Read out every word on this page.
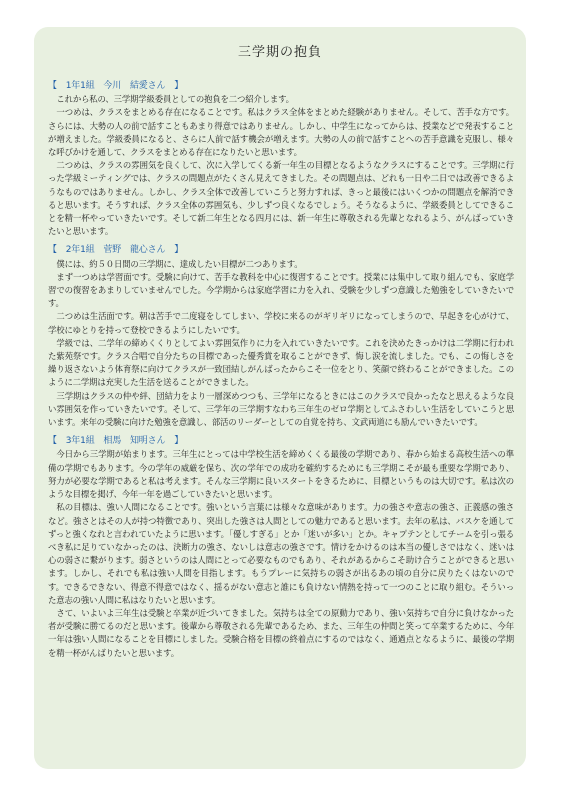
三学期の抱負
【　1年1組　今川　結愛さん　】

これから私の、三学期学級委員としての抱負を二つ紹介します。

一つめは、クラスをまとめる存在になることです。私はクラス全体をまとめた経験がありません。そして、苦手な方です。さらには、大勢の人の前で話すこともあまり得意ではありません。しかし、中学生になってからは、授業などで発表することが増えました。学級委員になると、さらに人前で話す機会が増えます。大勢の人の前で話すことへの苦手意識を克服し、様々な呼びかけを通して、クラスをまとめる存在になりたいと思います。

二つめは、クラスの雰囲気を良くして、次に入学してくる新一年生の目標となるようなクラスにすることです。三学期に行った学級ミーティングでは、クラスの問題点がたくさん見えてきました。その問題点は、どれも一日や二日では改善できるようなものではありません。しかし、クラス全体で改善していこうと努力すれば、きっと最後にはいくつかの問題点を解消できると思います。そうすれば、クラス全体の雰囲気も、少しずつ良くなるでしょう。そうなるように、学級委員としてできることを精一杯やっていきたいです。そして新二年生となる四月には、新一年生に尊敬される先輩となれるよう、がんばっていきたいと思います。

【　2年1組　菅野　龍心さん　】

僕には、約５０日間の三学期に、達成したい目標が二つあります。

まず一つめは学習面です。受験に向けて、苦手な教科を中心に復習することです。授業には集中して取り組んでも、家庭学習での復習をあまりしていませんでした。今学期からは家庭学習に力を入れ、受験を少しずつ意識した勉強をしていきたいです。

二つめは生活面です。朝は苦手で二度寝をしてしまい、学校に来るのがギリギリになってしまうので、早起きを心がけて、学校にゆとりを持って登校できるようにしたいです。

学級では、二学年の締めくくりとしてよい雰囲気作りに力を入れていきたいです。これを決めたきっかけは二学期に行われた紫苑祭です。クラス合唱で自分たちの目標であった優秀賞を取ることができず、悔し涙を流しました。でも、この悔しさを繰り返さないよう体育祭に向けてクラスが一致団結しがんばったからこそ一位をとり、笑顔で終わることができました。このように二学期は充実した生活を送ることができました。

三学期はクラスの仲や絆、団結力をより一層深めつつも、三学年になるときにはこのクラスで良かったなと思えるような良い雰囲気を作っていきたいです。そして、三学年の三学期すなわち三年生のゼロ学期としてふさわしい生活をしていこうと思います。来年の受験に向けた勉強を意識し、部活のリーダーとしての自覚を持ち、文武両道にも励んでいきたいです。

【　3年1組　相馬　知明さん　】

今日から三学期が始まります。三年生にとっては中学校生活を締めくくる最後の学期であり、春から始まる高校生活への準備の学期でもあります。今の学年の威厳を保ち、次の学年での成功を確約するためにも三学期こそが最も重要な学期であり、努力が必要な学期であると私は考えます。そんな三学期に良いスタートをきるために、目標というものは大切です。私は次のような目標を掲げ、今年一年を過ごしていきたいと思います。

私の目標は、強い人間になることです。強いという言葉には様々な意味があります。力の強さや意志の強さ、正義感の強さなど。強さとはその人が持つ特徴であり、突出した強さは人間としての魅力であると思います。去年の私は、バスケを通してずっと強くなれと言われていたように思います。「優しすぎる」とか「迷いが多い」とか。キャプテンとしてチームを引っ張るべき私に足りていなかったのは、決断力の強さ、ないしは意志の強さです。情けをかけるのは本当の優しさではなく、迷いは心の弱さに繋がります。弱さというのは人間にとって必要なものでもあり、それがあるからこそ助け合うことができると思います。しかし、それでも私は強い人間を目指します。もうプレーに気持ちの弱さが出るあの頃の自分に戻りたくはないのです。できるできない、得意不得意ではなく、揺るがない意志と誰にも負けない情熱を持って一つのことに取り組む。そういった意志の強い人間に私はなりたいと思います。

さて、いよいよ三年生は受験と卒業が近づいてきました。気持ちは全ての原動力であり、強い気持ちで自分に負けなかった者が受験に勝てるのだと思います。後輩から尊敬される先輩であるため、また、三年生の仲間と笑って卒業するために、今年一年は強い人間になることを目標にしました。受験合格を目標の終着点にするのではなく、通過点となるように、最後の学期を精一杯がんばりたいと思います。
